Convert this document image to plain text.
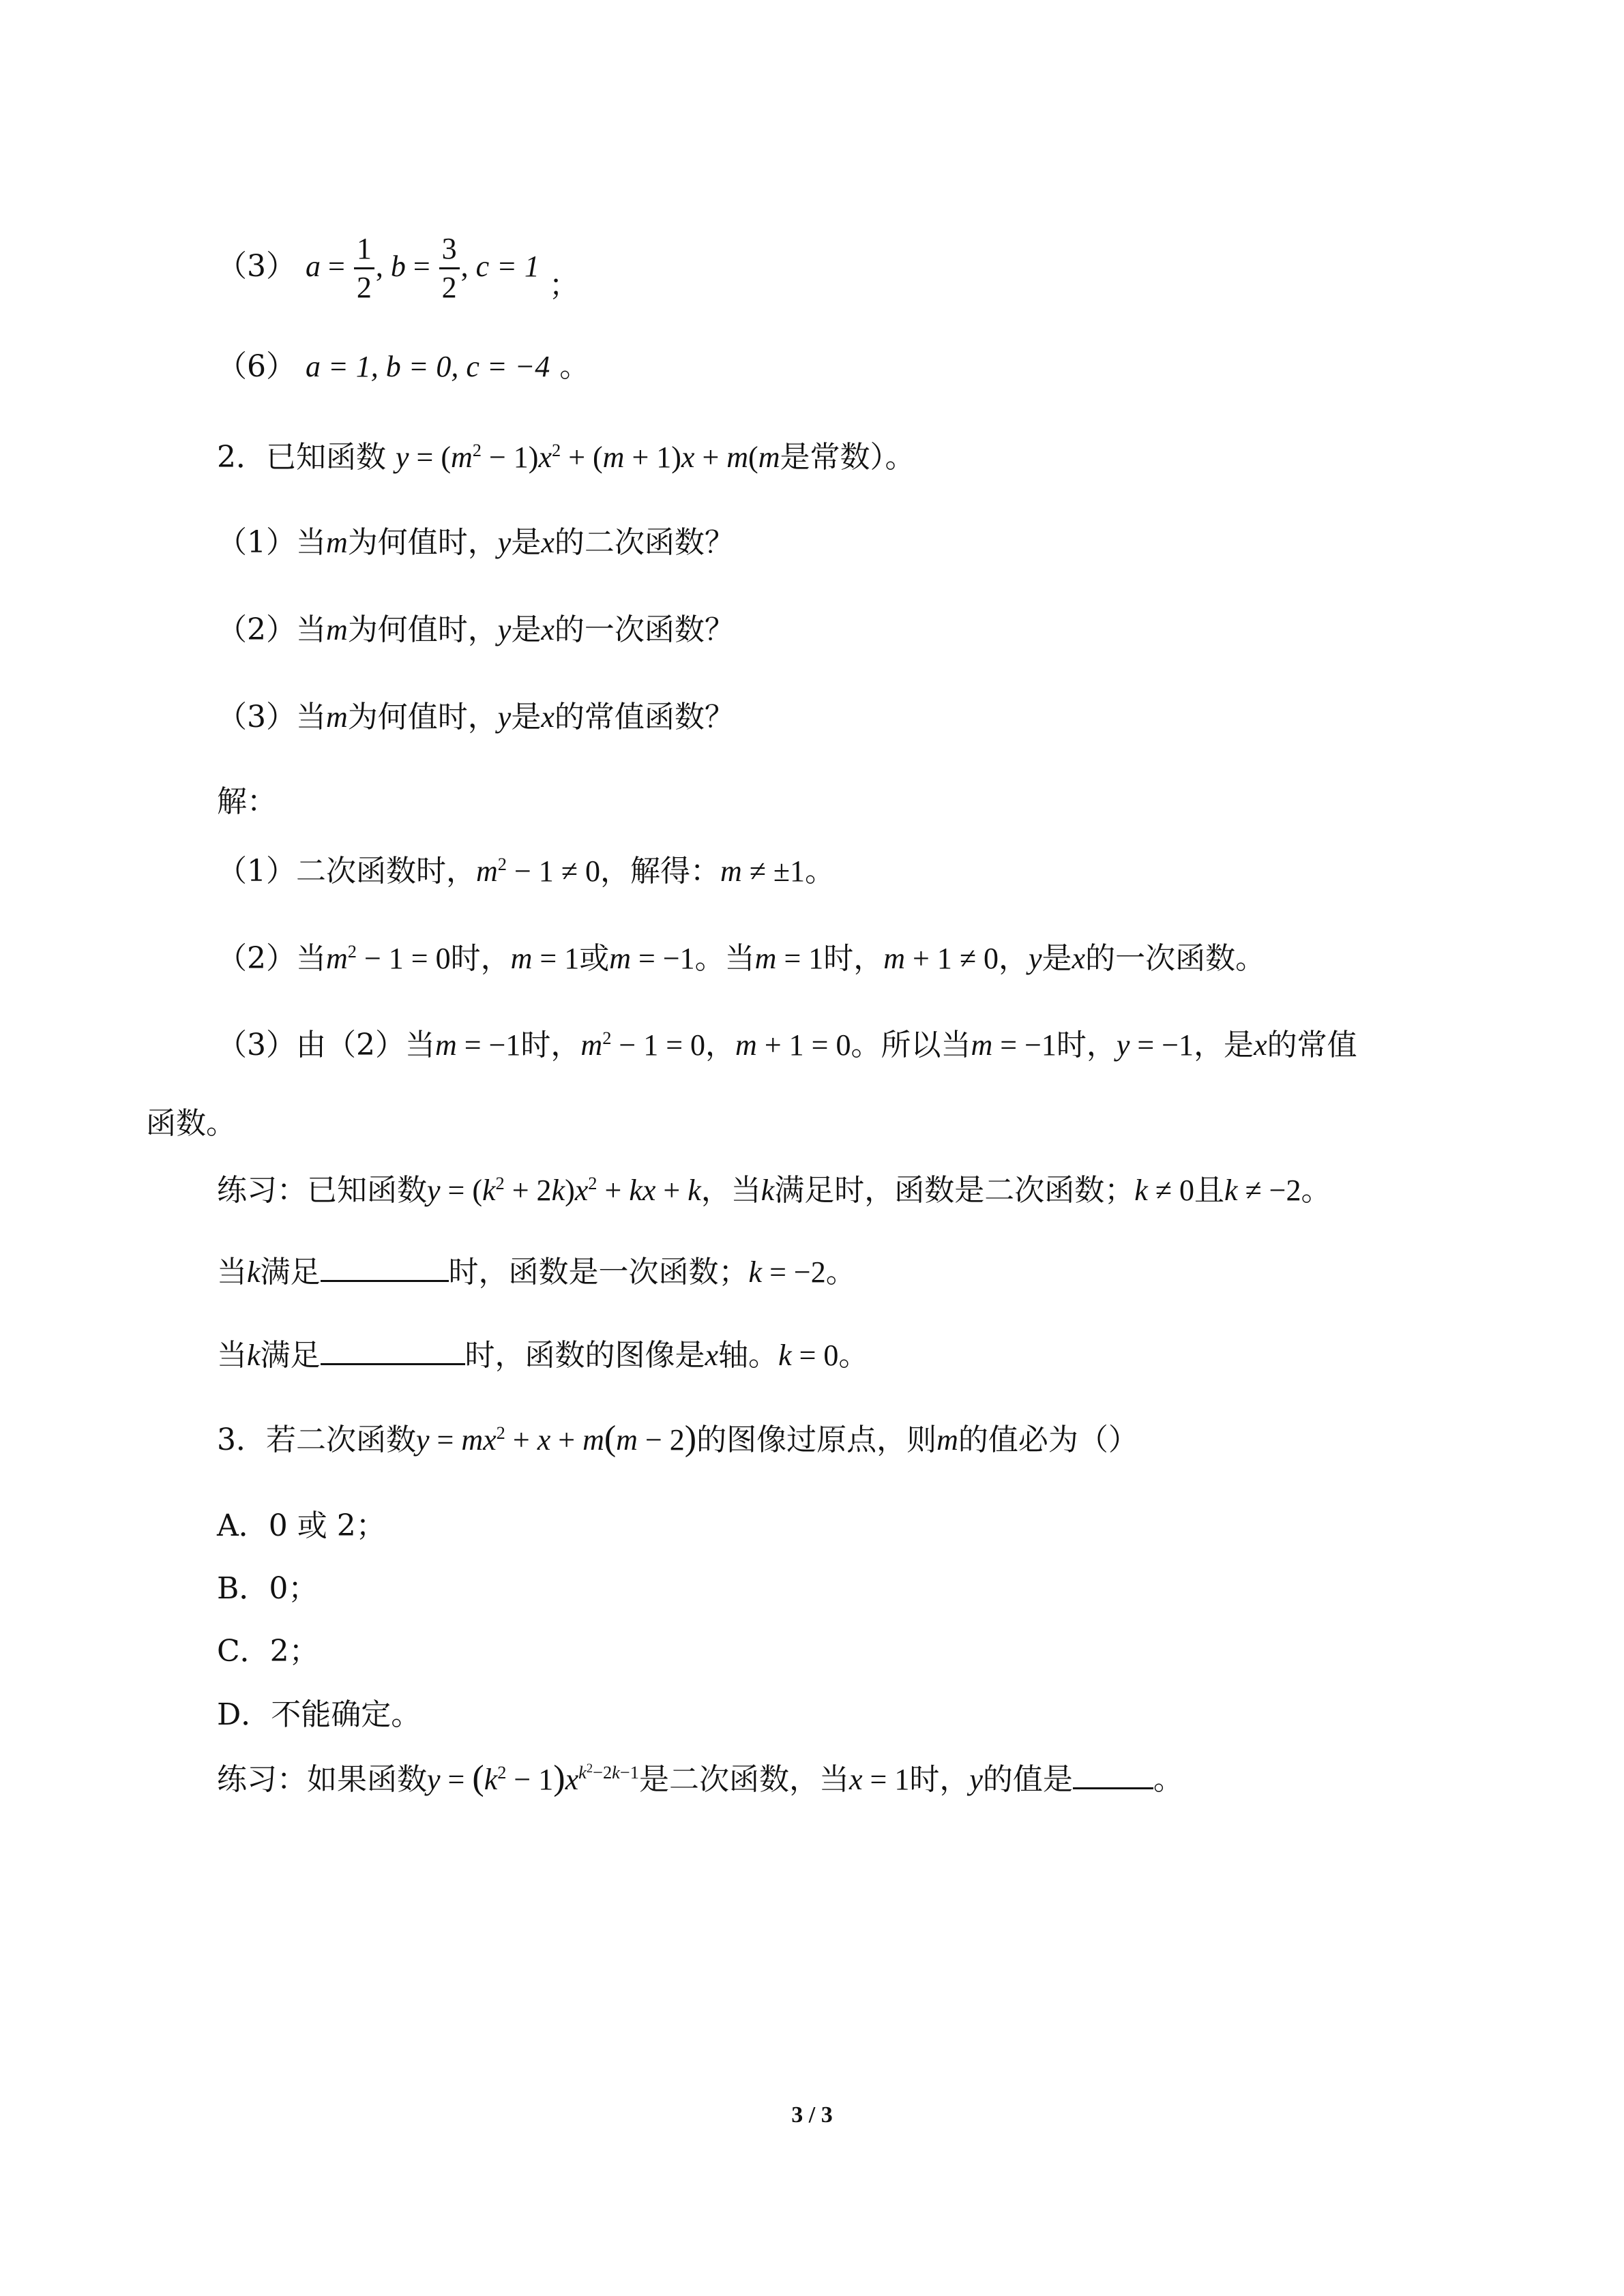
（3） $a = \frac{1}{2}$ , $b = \frac{3}{2}$ , c = 1 ；
（6） a = 1, b = 0, c = −4 。
2．已知函数 $y = (m^2 - 1)x^2 + (m + 1)x + m(m$是常数）。
（1）当m为何值时，y是x的二次函数？
（2）当m为何值时，y是x的一次函数？
（3）当m为何值时，y是x的常值函数？
解：
（1）二次函数时，$m^2 - 1 \ne 0$，解得：m ≠ ±1。
（2）当$m^2 - 1 = 0$时，m = 1或m = −1。当m = 1时，m + 1 ≠ 0，y是x的一次函数。
（3）由（2）当m = −1时，$m^2 - 1 = 0$，m + 1 = 0。所以当m = −1时，y = −1，是x的常值
函数。
练习：已知函数$y = (k^2 + 2k)x^2$ + kx + k，当k满足时，函数是二次函数；k ≠ 0且k ≠ −2。
当k满足	时，函数是一次函数；k = −2。
当k满足	时，函数的图像是x轴。k = 0。
3．若二次函数$y = mx^2 + x + m(m - 2)$的图像过原点，则m的值必为（）
A．0 或 2；
B．0；
C．2；
D．不能确定。
练习：如果函数$y = (k^2 - 1)x^{k^2-2k-1}$是二次函数，当x = 1时，y的值是	。
3 / 3
